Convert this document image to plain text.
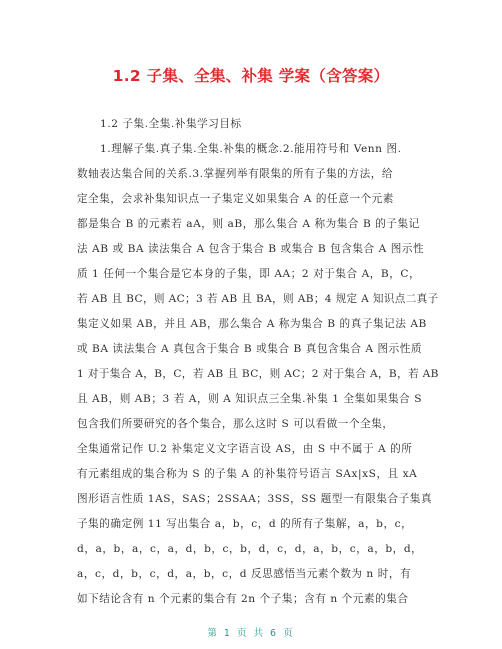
1.2 子集、全集、补集 学案（含答案）
1.2 子集.全集.补集学习目标
1.理解子集.真子集.全集.补集的概念.2.能用符号和 Venn 图.
数轴表达集合间的关系.3.掌握列举有限集的所有子集的方法，给
定全集，会求补集知识点一子集定义如果集合 A 的任意一个元素
都是集合 B 的元素若 aA，则 aB，那么集合 A 称为集合 B 的子集记
法 AB 或 BA 读法集合 A 包含于集合 B 或集合 B 包含集合 A 图示性
质 1 任何一个集合是它本身的子集，即 AA；2 对于集合 A，B，C，
若 AB 且 BC，则 AC；3 若 AB 且 BA，则 AB；4 规定 A 知识点二真子
集定义如果 AB，并且 AB，那么集合 A 称为集合 B 的真子集记法 AB
或 BA 读法集合 A 真包含于集合 B 或集合 B 真包含集合 A 图示性质
1 对于集合 A，B，C，若 AB 且 BC，则 AC；2 对于集合 A，B，若 AB
且 AB，则 AB；3 若 A，则 A 知识点三全集.补集 1 全集如果集合 S
包含我们所要研究的各个集合，那么这时 S 可以看做一个全集，
全集通常记作 U.2 补集定义文字语言设 AS，由 S 中不属于 A 的所
有元素组成的集合称为 S 的子集 A 的补集符号语言 SAx|xS，且 xA
图形语言性质 1AS，SAS；2SSAA；3SS，SS 题型一有限集合子集真
子集的确定例 11 写出集合 a，b，c，d 的所有子集解，a，b，c，
d，a，b，a，c，a，d，b，c，b，d，c，d，a，b，c，a，b，d，
a，c，d，b，c，d，a，b，c，d 反思感悟当元素个数为 n 时，有
如下结论含有 n 个元素的集合有 2n 个子集；含有 n 个元素的集合
第 1 页 共 6 页
